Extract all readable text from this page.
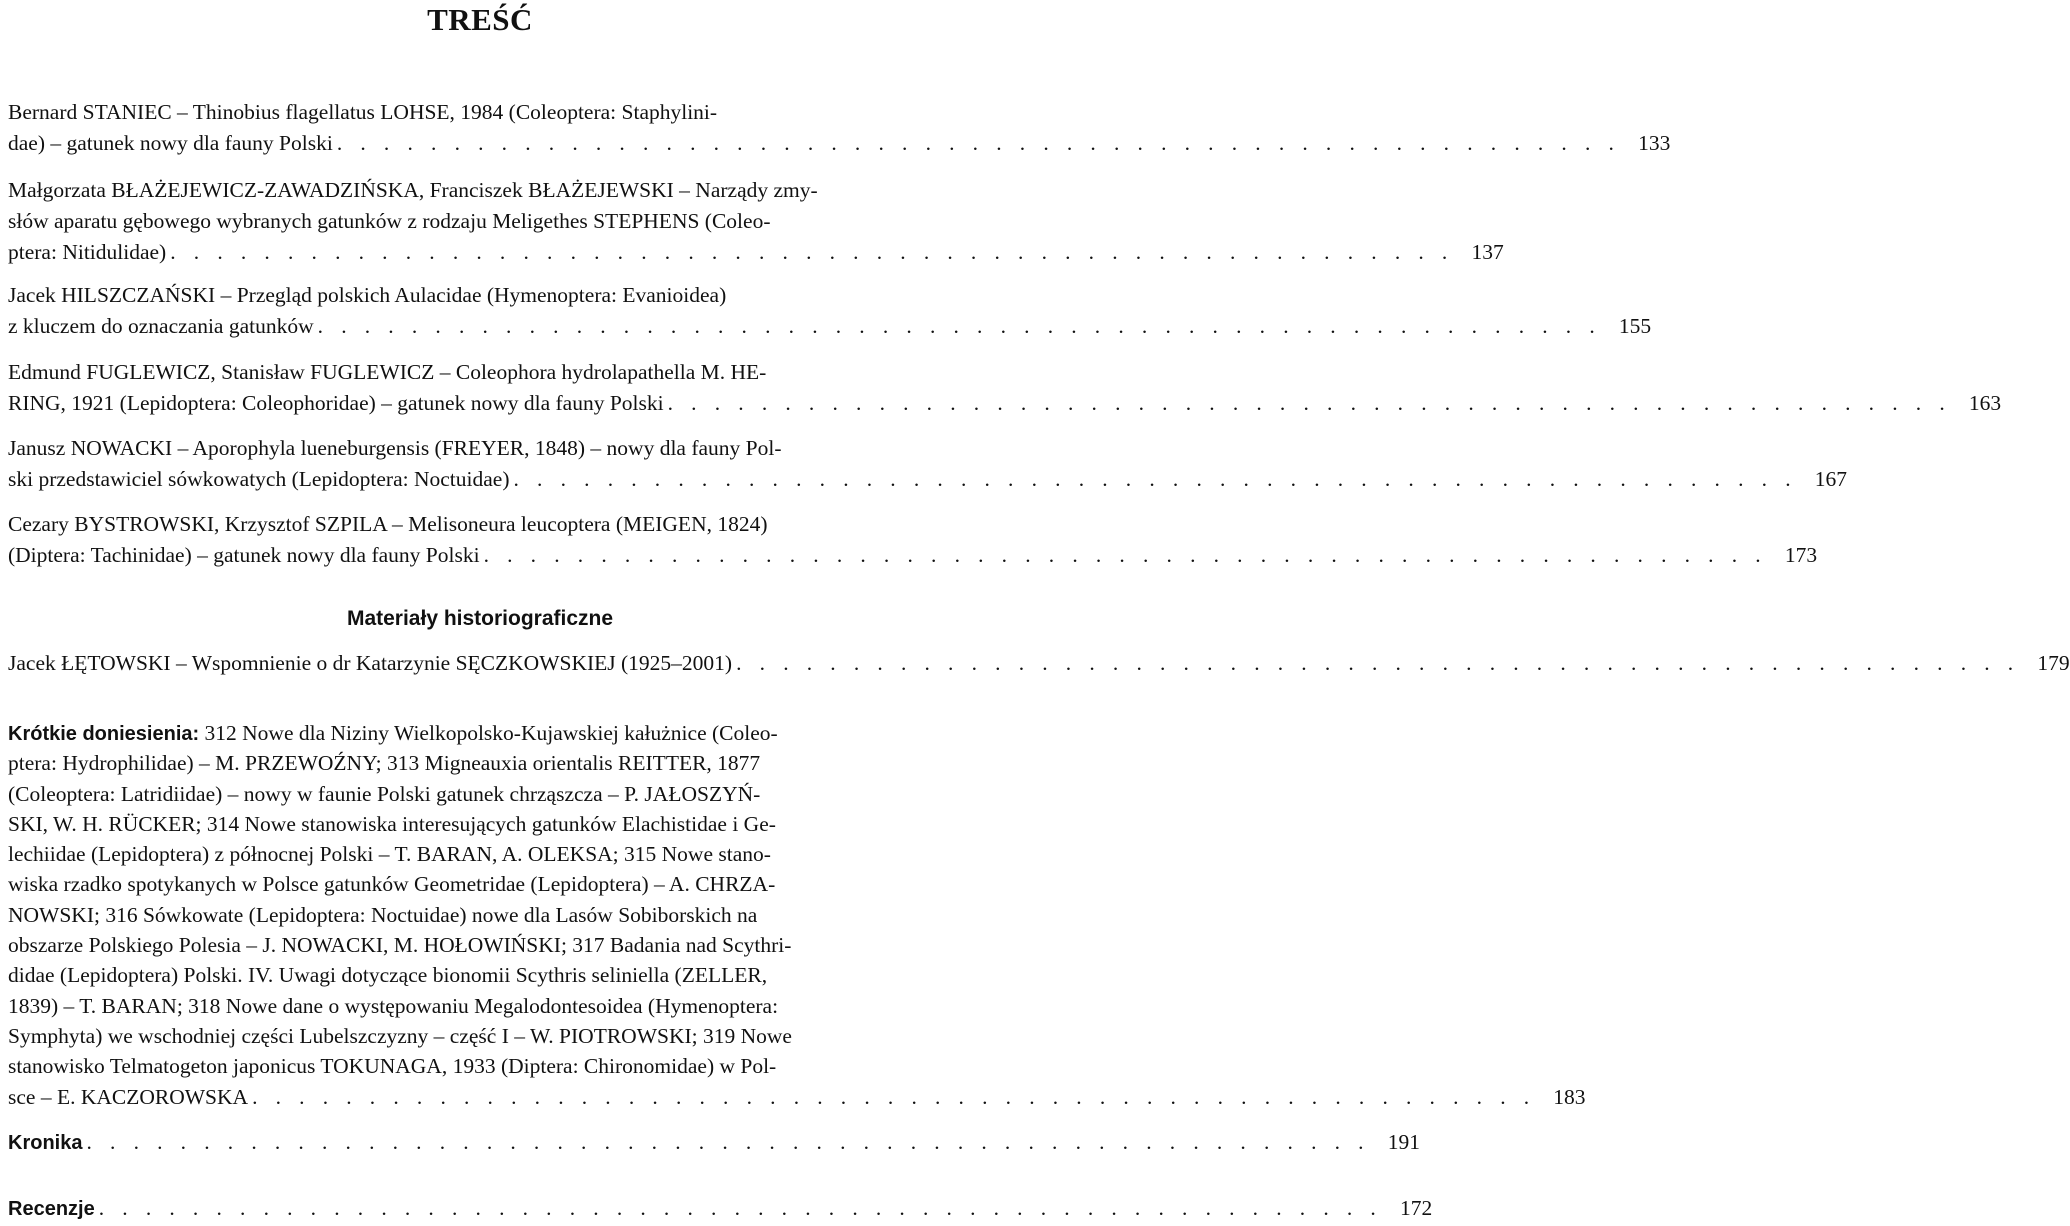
TREŚĆ
Bernard STANIEC – Thinobius flagellatus LOHSE, 1984 (Coleoptera: Staphylini-
dae) – gatunek nowy dla fauny Polski . . . . . . . . . . . . . . . . . . . . . . . . . . . . . . . . . . . . . . . . . . . . . . . . . . . . . . . 133
Małgorzata BŁAŻEJEWICZ-ZAWADZIŃSKA, Franciszek BŁAŻEJEWSKI – Narządy zmy-
słów aparatu gębowego wybranych gatunków z rodzaju Meligethes STEPHENS (Coleo-
ptera: Nitidulidae) . . . . . . . . . . . . . . . . . . . . . . . . . . . . . . . . . . . . . . . . . . . . . . . . . . . . . . . 137
Jacek HILSZCZAŃSKI – Przegląd polskich Aulacidae (Hymenoptera: Evanioidea)
z kluczem do oznaczania gatunków . . . . . . . . . . . . . . . . . . . . . . . . . . . . . . . . . . . . . . . . . . . . . . . . . . . . . . . 155
Edmund FUGLEWICZ, Stanisław FUGLEWICZ – Coleophora hydrolapathella M. HE-
RING, 1921 (Lepidoptera: Coleophoridae) – gatunek nowy dla fauny Polski . . . . . . . . . . . . . . . . . . . . . . . . . . . . . . . . . . . . . . . . . . . . . . . . . . . . . . . 163
Janusz NOWACKI – Aporophyla lueneburgensis (FREYER, 1848) – nowy dla fauny Pol-
ski przedstawiciel sówkowatych (Lepidoptera: Noctuidae) . . . . . . . . . . . . . . . . . . . . . . . . . . . . . . . . . . . . . . . . . . . . . . . . . . . . . . . 167
Cezary BYSTROWSKI, Krzysztof SZPILA – Melisoneura leucoptera (MEIGEN, 1824)
(Diptera: Tachinidae) – gatunek nowy dla fauny Polski . . . . . . . . . . . . . . . . . . . . . . . . . . . . . . . . . . . . . . . . . . . . . . . . . . . . . . . 173
Materiały historiograficzne
Jacek ŁĘTOWSKI – Wspomnienie o dr Katarzynie SĘCZKOWSKIEJ (1925–2001) . . . . . . . . . . . . . . . . . . . . . . . . . . . . . . . . . . . . . . . . . . . . . . . . . . . . . . . 179
Krótkie doniesienia: 312 Nowe dla Niziny Wielkopolsko-Kujawskiej kałużnice (Coleo-
ptera: Hydrophilidae) – M. PRZEWOŹNY; 313 Migneauxia orientalis REITTER, 1877
(Coleoptera: Latridiidae) – nowy w faunie Polski gatunek chrząszcza – P. JAŁOSZYŃ-
SKI, W. H. RÜCKER; 314 Nowe stanowiska interesujących gatunków Elachistidae i Ge-
lechiidae (Lepidoptera) z północnej Polski – T. BARAN, A. OLEKSA; 315 Nowe stano-
wiska rzadko spotykanych w Polsce gatunków Geometridae (Lepidoptera) – A. CHRZA-
NOWSKI; 316 Sówkowate (Lepidoptera: Noctuidae) nowe dla Lasów Sobiborskich na
obszarze Polskiego Polesia – J. NOWACKI, M. HOŁOWIŃSKI; 317 Badania nad Scythri-
didae (Lepidoptera) Polski. IV. Uwagi dotyczące bionomii Scythris seliniella (ZELLER,
1839) – T. BARAN; 318 Nowe dane o występowaniu Megalodontesoidea (Hymenoptera:
Symphyta) we wschodniej części Lubelszczyzny – część I – W. PIOTROWSKI; 319 Nowe
stanowisko Telmatogeton japonicus TOKUNAGA, 1933 (Diptera: Chironomidae) w Pol-
sce – E. KACZOROWSKA . . . . . . . . . . . . . . . . . . . . . . . . . . . . . . . . . . . . . . . . . . . . . . . . . . . . . . . 183
Kronika . . . . . . . . . . . . . . . . . . . . . . . . . . . . . . . . . . . . . . . . . . . . . . . . . . . . . . . 191
Recenzje . . . . . . . . . . . . . . . . . . . . . . . . . . . . . . . . . . . . . . . . . . . . . . . . . . . . . . . 172
